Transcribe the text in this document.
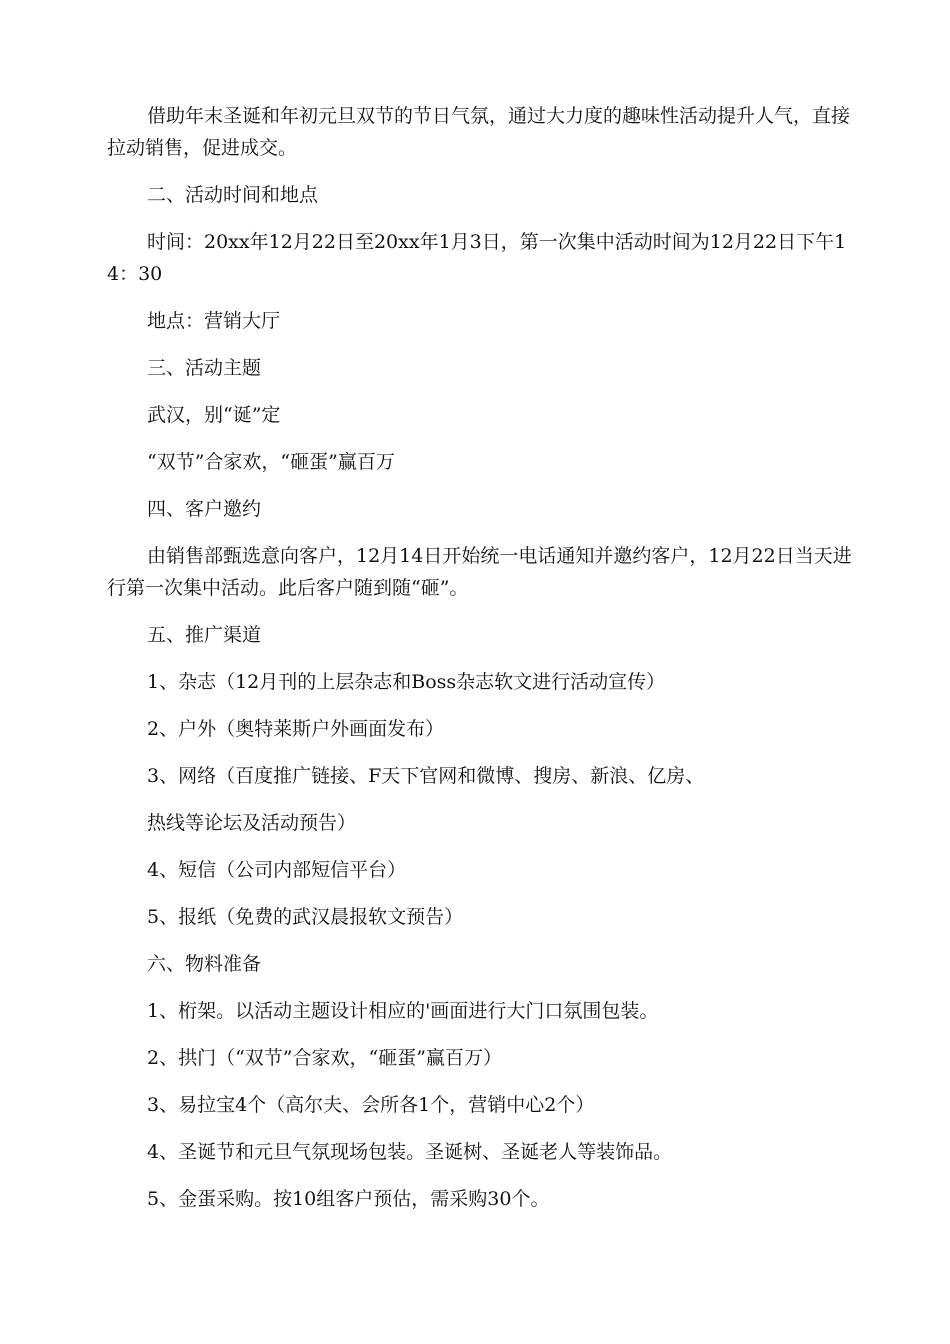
借助年末圣诞和年初元旦双节的节日气氛，通过大力度的趣味性活动提升人气，直接拉动销售，促进成交。

二、活动时间和地点

时间：20xx年12月22日至20xx年1月3日，第一次集中活动时间为12月22日下午14：30

地点：营销大厅

三、活动主题

武汉，别“诞”定

“双节”合家欢，“砸蛋”赢百万

四、客户邀约

由销售部甄选意向客户，12月14日开始统一电话通知并邀约客户，12月22日当天进行第一次集中活动。此后客户随到随“砸”。

五、推广渠道

1、杂志（12月刊的上层杂志和Boss杂志软文进行活动宣传）

2、户外（奥特莱斯户外画面发布）

3、网络（百度推广链接、F天下官网和微博、搜房、新浪、亿房、

热线等论坛及活动预告）

4、短信（公司内部短信平台）

5、报纸（免费的武汉晨报软文预告）

六、物料准备

1、桁架。以活动主题设计相应的'画面进行大门口氛围包装。

2、拱门（“双节”合家欢，“砸蛋”赢百万）

3、易拉宝4个（高尔夫、会所各1个，营销中心2个）

4、圣诞节和元旦气氛现场包装。圣诞树、圣诞老人等装饰品。

5、金蛋采购。按10组客户预估，需采购30个。
